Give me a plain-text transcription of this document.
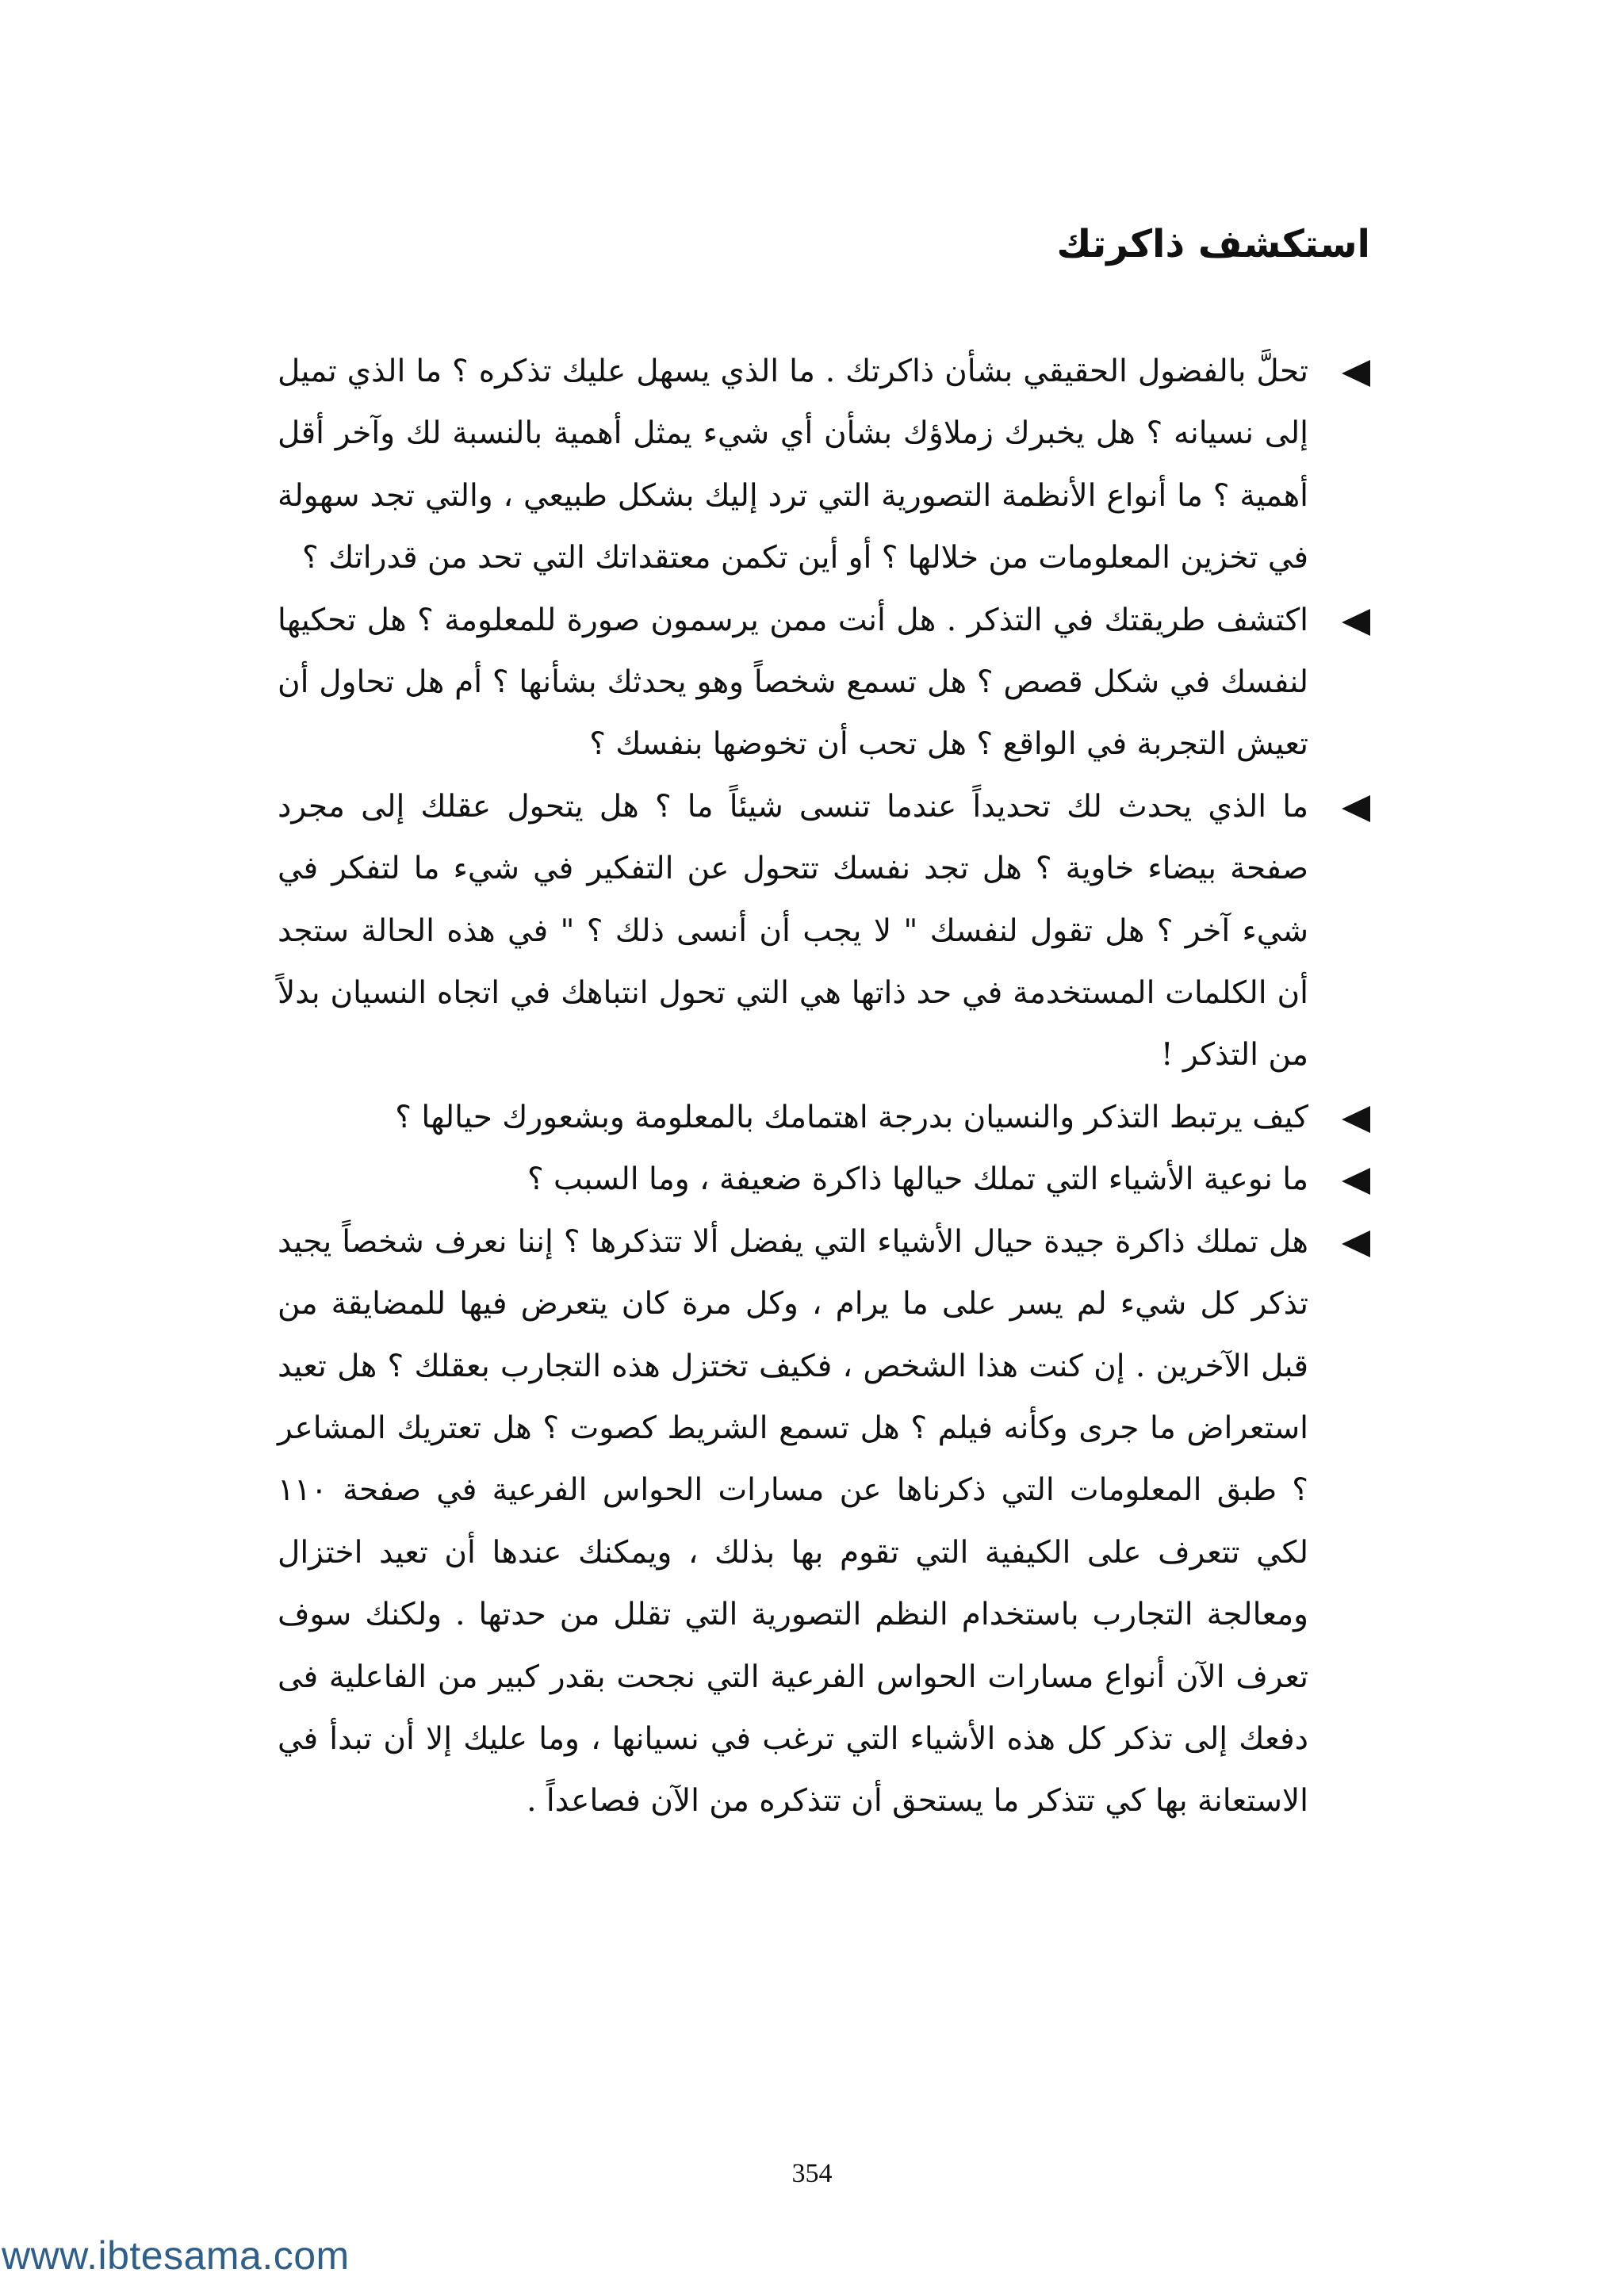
استكشف ذاكرتك
تحلَّ بالفضول الحقيقي بشأن ذاكرتك . ما الذي يسهل عليك تذكره ؟ ما الذي تميل إلى نسيانه ؟ هل يخبرك زملاؤك بشأن أي شيء يمثل أهمية بالنسبة لك وآخر أقل أهمية ؟ ما أنواع الأنظمة التصورية التي ترد إليك بشكل طبيعي ، والتي تجد سهولة في تخزين المعلومات من خلالها ؟ أو أين تكمن معتقداتك التي تحد من قدراتك ؟
اكتشف طريقتك في التذكر . هل أنت ممن يرسمون صورة للمعلومة ؟ هل تحكيها لنفسك في شكل قصص ؟ هل تسمع شخصاً وهو يحدثك بشأنها ؟ أم هل تحاول أن تعيش التجربة في الواقع ؟ هل تحب أن تخوضها بنفسك ؟
ما الذي يحدث لك تحديداً عندما تنسى شيئاً ما ؟ هل يتحول عقلك إلى مجرد صفحة بيضاء خاوية ؟ هل تجد نفسك تتحول عن التفكير في شيء ما لتفكر في شيء آخر ؟ هل تقول لنفسك " لا يجب أن أنسى ذلك ؟ " في هذه الحالة ستجد أن الكلمات المستخدمة في حد ذاتها هي التي تحول انتباهك في اتجاه النسيان بدلاً من التذكر !
كيف يرتبط التذكر والنسيان بدرجة اهتمامك بالمعلومة وبشعورك حيالها ؟
ما نوعية الأشياء التي تملك حيالها ذاكرة ضعيفة ، وما السبب ؟
هل تملك ذاكرة جيدة حيال الأشياء التي يفضل ألا تتذكرها ؟ إننا نعرف شخصاً يجيد تذكر كل شيء لم يسر على ما يرام ، وكل مرة كان يتعرض فيها للمضايقة من قبل الآخرين . إن كنت هذا الشخص ، فكيف تختزل هذه التجارب بعقلك ؟ هل تعيد استعراض ما جرى وكأنه فيلم ؟ هل تسمع الشريط كصوت ؟ هل تعتريك المشاعر ؟ طبق المعلومات التي ذكرناها عن مسارات الحواس الفرعية في صفحة ١١٠ لكي تتعرف على الكيفية التي تقوم بها بذلك ، ويمكنك عندها أن تعيد اختزال ومعالجة التجارب باستخدام النظم التصورية التي تقلل من حدتها . ولكنك سوف تعرف الآن أنواع مسارات الحواس الفرعية التي نجحت بقدر كبير من الفاعلية فى دفعك إلى تذكر كل هذه الأشياء التي ترغب في نسيانها ، وما عليك إلا أن تبدأ في الاستعانة بها كي تتذكر ما يستحق أن تتذكره من الآن فصاعداً .
354
www.ibtesama.com
